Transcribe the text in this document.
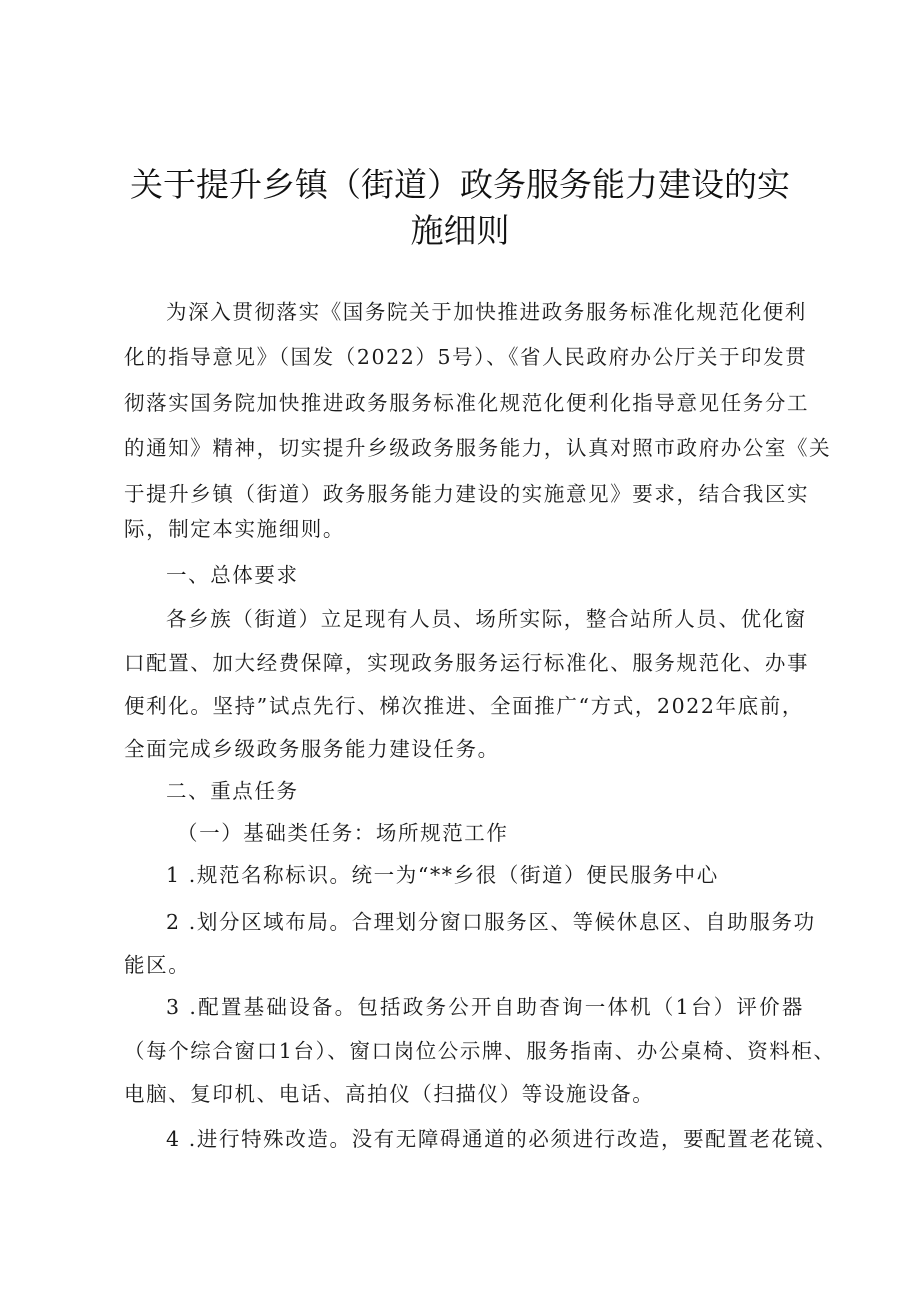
关于提升乡镇（街道）政务服务能力建设的实
施细则

为深入贯彻落实《国务院关于加快推进政务服务标准化规范化便利

化的指导意见》（国发（2022）5号）、《省人民政府办公厅关于印发贯

彻落实国务院加快推进政务服务标准化规范化便利化指导意见任务分工

的通知》精神，切实提升乡级政务服务能力，认真对照市政府办公室《关

于提升乡镇（街道）政务服务能力建设的实施意见》要求，结合我区实

际，制定本实施细则。

一、总体要求

各乡族（街道）立足现有人员、场所实际，整合站所人员、优化窗

口配置、加大经费保障，实现政务服务运行标准化、服务规范化、办事

便利化。坚持”试点先行、梯次推进、全面推广“方式，2022年底前，

全面完成乡级政务服务能力建设任务。

二、重点任务

（一）基础类任务：场所规范工作

1 .规范名称标识。统一为“**乡很（街道）便民服务中心

2 .划分区域布局。合理划分窗口服务区、等候休息区、自助服务功

能区。

3 .配置基础设备。包括政务公开自助杳询一体机（1台）评价器

（每个综合窗口1台）、窗口岗位公示牌、服务指南、办公桌椅、资料柜、

电脑、复印机、电话、高拍仪（扫描仪）等设施设备。

4 .进行特殊改造。没有无障碍通道的必须进行改造，要配置老花镜、
